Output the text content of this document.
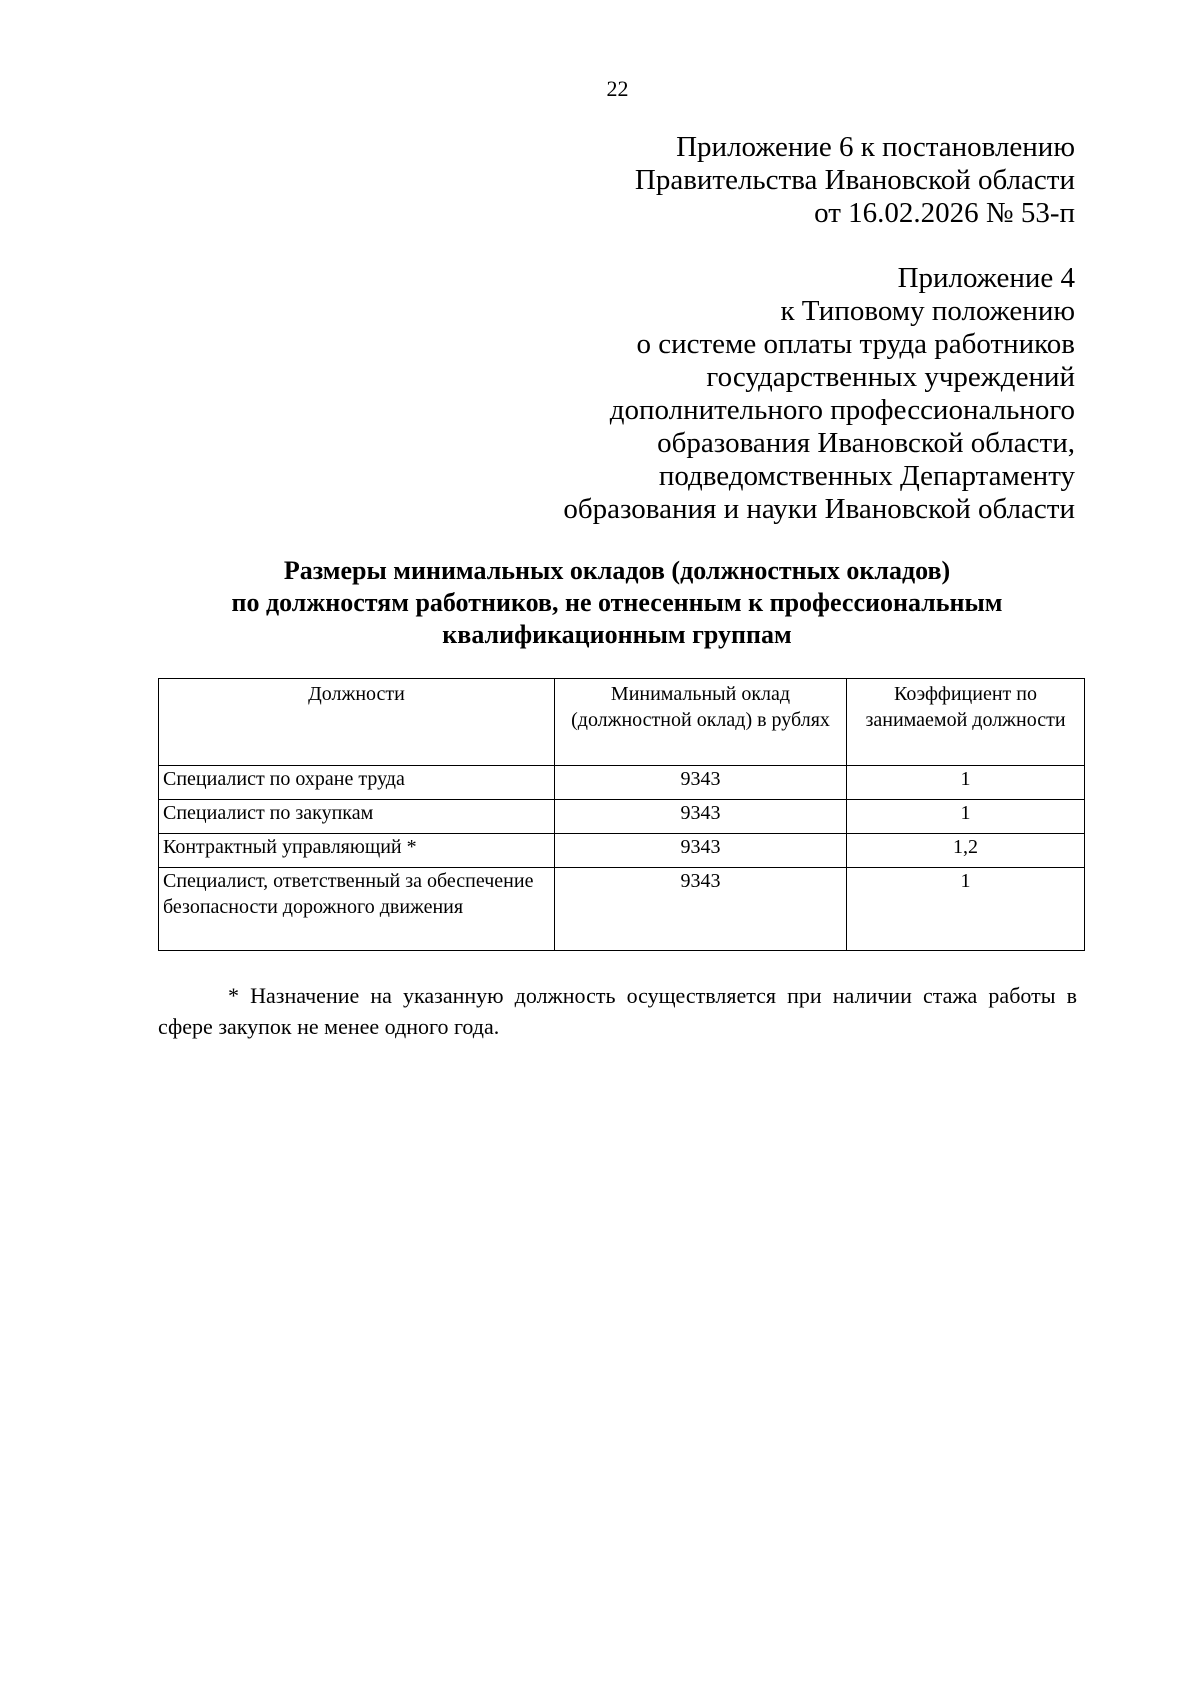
22
Приложение 6 к постановлению
Правительства Ивановской области
от 16.02.2026 № 53-п
Приложение 4
к Типовому положению
о системе оплаты труда работников
государственных учреждений
дополнительного профессионального
образования Ивановской области,
подведомственных Департаменту
образования и науки Ивановской области
Размеры минимальных окладов (должностных окладов)
по должностям работников, не отнесенным к профессиональным
квалификационным группам
Должности	Минимальный оклад (должностной оклад) в рублях	Коэффициент по занимаемой должности
Специалист по охране труда	9343	1
Специалист по закупкам	9343	1
Контрактный управляющий *	9343	1,2
Специалист, ответственный за обеспечение безопасности дорожного движения	9343	1
* Назначение на указанную должность осуществляется при наличии стажа работы в сфере закупок не менее одного года.
